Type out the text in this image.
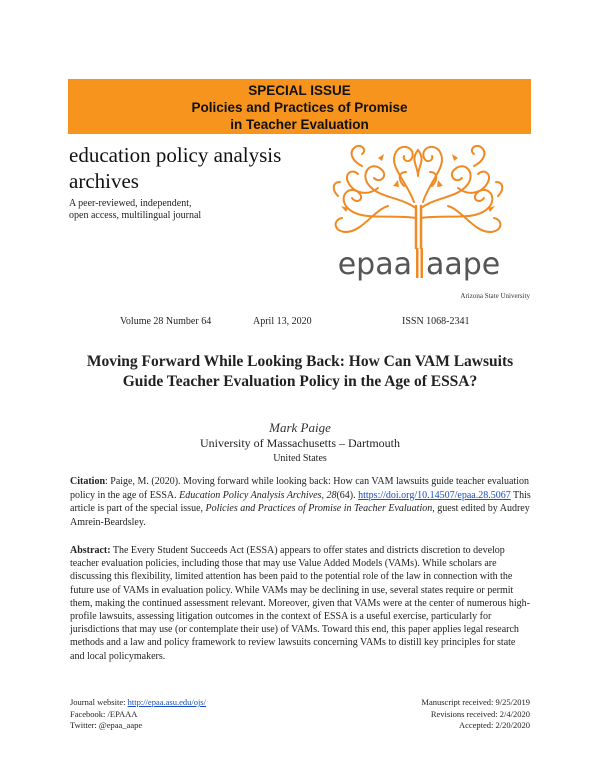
SPECIAL ISSUE
Policies and Practices of Promise
in Teacher Evaluation
education policy analysis
archives
A peer-reviewed, independent,
open access, multilingual journal
epaa aape
Arizona State University
Volume 28 Number 64	April 13, 2020	ISSN 1068-2341
Moving Forward While Looking Back: How Can VAM Lawsuits Guide Teacher Evaluation Policy in the Age of ESSA?
Mark Paige
University of Massachusetts – Dartmouth
United States
Citation: Paige, M. (2020). Moving forward while looking back: How can VAM lawsuits guide teacher evaluation policy in the age of ESSA. Education Policy Analysis Archives, 28(64). https://doi.org/10.14507/epaa.28.5067 This article is part of the special issue, Policies and Practices of Promise in Teacher Evaluation, guest edited by Audrey Amrein-Beardsley.
Abstract: The Every Student Succeeds Act (ESSA) appears to offer states and districts discretion to develop teacher evaluation policies, including those that may use Value Added Models (VAMs). While scholars are discussing this flexibility, limited attention has been paid to the potential role of the law in connection with the future use of VAMs in evaluation policy. While VAMs may be declining in use, several states require or permit them, making the continued assessment relevant. Moreover, given that VAMs were at the center of numerous high-profile lawsuits, assessing litigation outcomes in the context of ESSA is a useful exercise, particularly for jurisdictions that may use (or contemplate their use) of VAMs. Toward this end, this paper applies legal research methods and a law and policy framework to review lawsuits concerning VAMs to distill key principles for state and local policymakers.
Journal website: http://epaa.asu.edu/ojs/
Facebook: /EPAAA
Twitter: @epaa_aape
Manuscript received: 9/25/2019
Revisions received: 2/4/2020
Accepted: 2/20/2020
